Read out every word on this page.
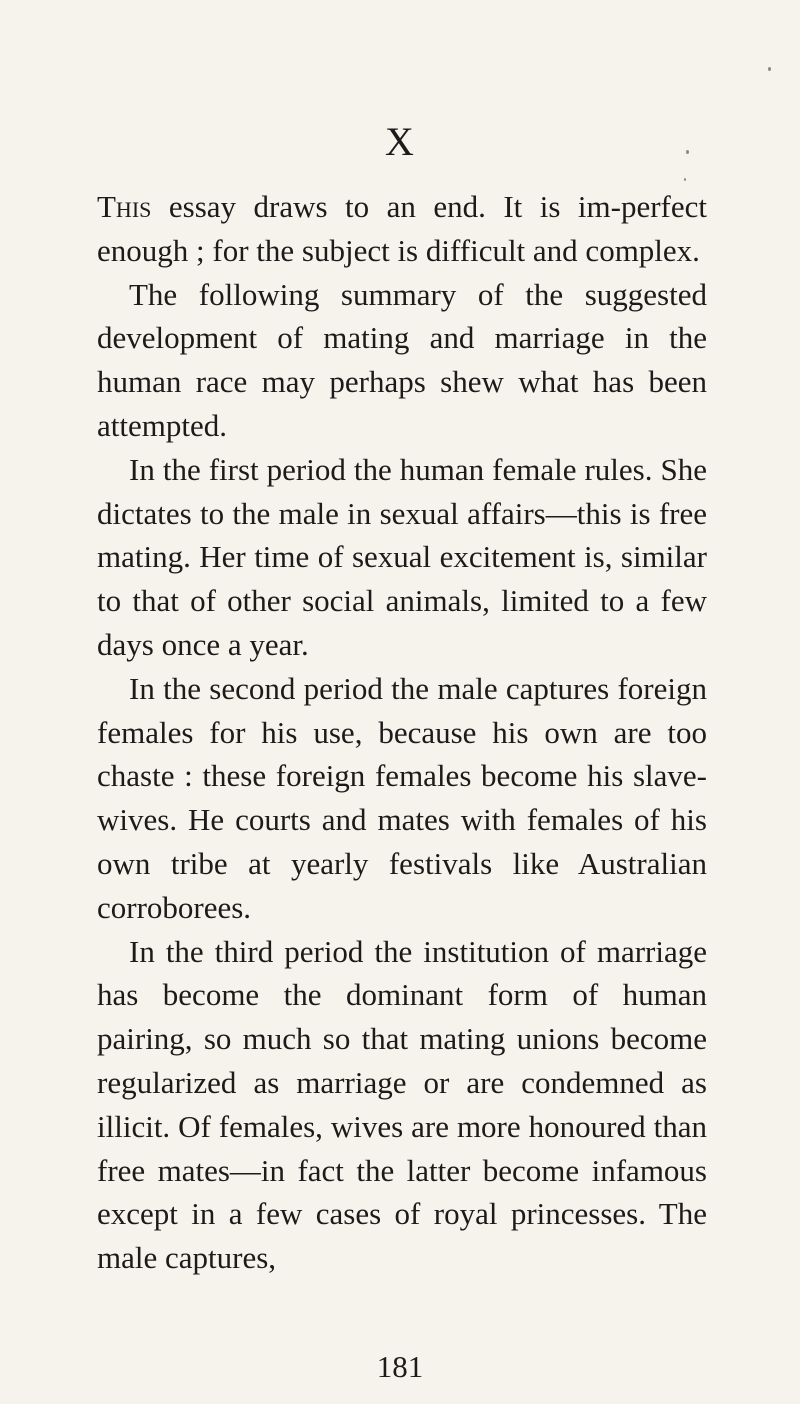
X

This essay draws to an end. It is im-perfect enough ; for the subject is difficult and complex.

The following summary of the suggested development of mating and marriage in the human race may perhaps shew what has been attempted.

In the first period the human female rules. She dictates to the male in sexual affairs—this is free mating. Her time of sexual excitement is, similar to that of other social animals, limited to a few days once a year.

In the second period the male captures foreign females for his use, because his own are too chaste : these foreign females become his slave-wives. He courts and mates with females of his own tribe at yearly festivals like Australian corroborees.

In the third period the institution of marriage has become the dominant form of human pairing, so much so that mating unions become regularized as marriage or are condemned as illicit. Of females, wives are more honoured than free mates—in fact the latter become infamous except in a few cases of royal princesses. The male captures,

181
